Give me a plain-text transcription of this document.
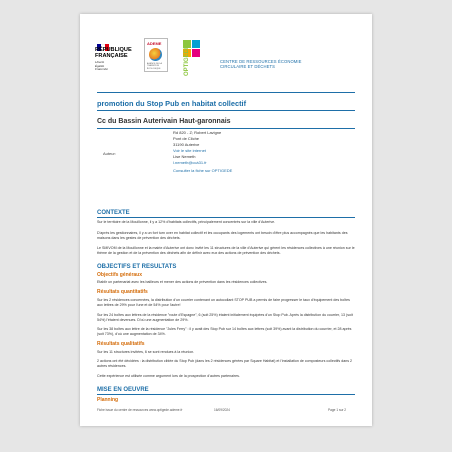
RÉPUBLIQUE
FRANÇAISE
Liberté
Égalité
Fraternité
ADEME
AGENCE DE LA TRANSITION ÉCOLOGIQUE	OPTIGEDE	CENTRE DE RESSOURCES ÉCONOMIE
CIRCULAIRE ET DÉCHETS
promotion du Stop Pub en habitat collectif
Cc du Bassin Auterivain Haut-garonnais
Auteur:
Rd 820 - Z; Robert Lavigne
Pont de Cliche
31190 Auterive
Voir le site internet
Lise Nemeth
l.nemeth@ccà31.fr
Consulter la fiche sur OPTIGEDE
CONTEXTE
Sur le territoire de la Mouillonne, il y a 12% d'habitats collectifs, principalement concentrés sur la ville d'Auterive.
D'après les gestionnaires, il y a un fort turn over en habitat collectif et les occupants des logements ont besoin d'être plus accompagnés que les habitants des maisons dans les gestes de prévention des déchets.
Le SMIVOM de la Mouillonne et la mairie d'Auterive ont donc invité les 11 structures de la ville d'Auterive qui gèrent les résidences collectives à une réunion sur le thème de la gestion et de la prévention des déchets afin de définir avec eux des actions de prévention des déchets.
OBJECTIFS ET RESULTATS
Objectifs généraux
Etablir un partenariat avec les bailleurs et mener des actions de prévention dans les résidences collectives.
Résultats quantitatifs
Sur les 2 résidences concernées, la distribution d'un courrier contenant un autocollant STOP PUB a permis de faire progresser le taux d'équipement des boîtes aux lettres de 29% pour l'une et de 54% pour l'autre!
Sur les 24 boîtes aux lettres de la résidence "route d'Espagne", 6 (soit 25%) étaient initialement équipées d'un Stop Pub. Après la distribution du courrier, 13 (soit 54%) l'étaient devenues. D'où une augmentation de 29%.
Sur les 38 boîtes aux lettre de la résidence "Jules Ferry" : il y avait des Stop Pub sur 14 boîtes aux lettres (soit 39%) avant la distribution du courrier, et 28 après (soit 73%), d'où une augmentation de 34%.
Résultats qualitatifs
Sur les 11 structures invitées, 6 se sont rendues à la réunion.
2 actions ont été décidées : la distribution ciblée du Stop Pub (dans les 2 résidences gérées par Square Habitat) et l'installation de composteurs collectifs dans 2 autres résidences.
Cette expérience est utilisée comme argument lors de la prospection d'autres partenaires.
MISE EN OEUVRE
Planning
Fiche issue du centre de ressources www.optigede.ademe.fr	16/09/2024	Page 1 sur 2
